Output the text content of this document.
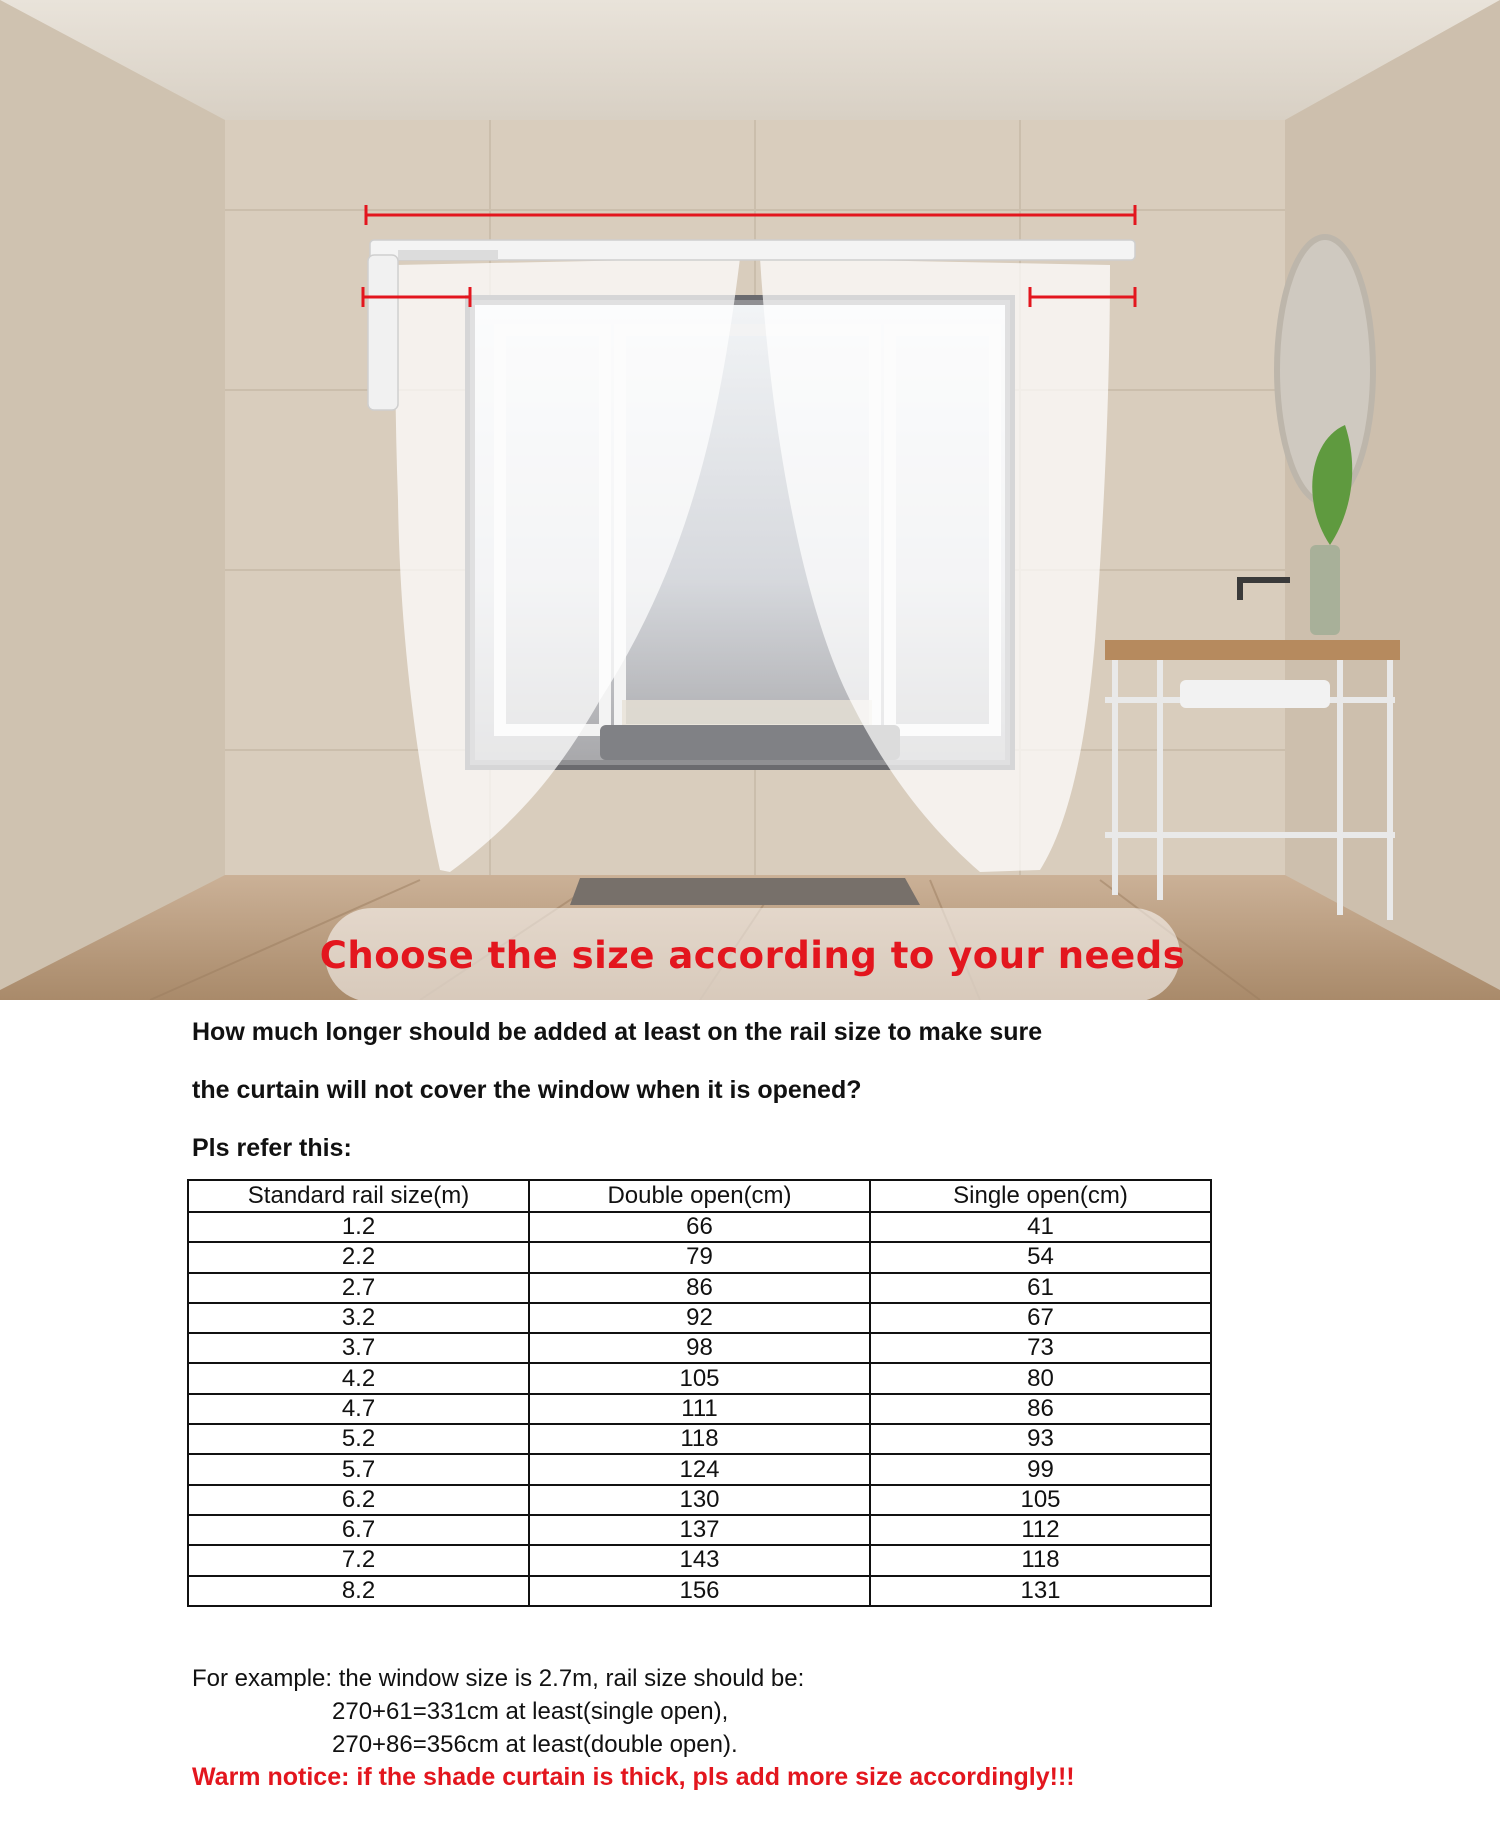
Choose the size according to your needs
How much longer should be added at least on the rail size to make sure
the curtain will not cover the window when it is opened?
Pls refer this:
Standard rail size(m)	Double open(cm)	Single open(cm)
1.2	66	41
2.2	79	54
2.7	86	61
3.2	92	67
3.7	98	73
4.2	105	80
4.7	111	86
5.2	118	93
5.7	124	99
6.2	130	105
6.7	137	112
7.2	143	118
8.2	156	131
For example: the window size is 2.7m, rail size should be:
270+61=331cm at least(single open),
270+86=356cm at least(double open).
Warm notice: if the shade curtain is thick, pls add more size accordingly!!!
